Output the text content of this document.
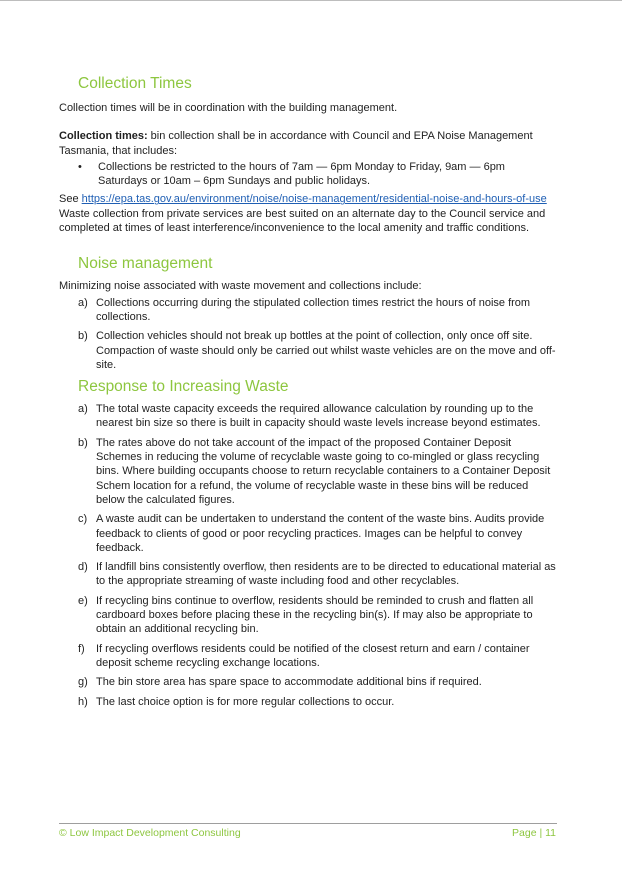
Collection Times

Collection times will be in coordination with the building management.

Collection times: bin collection shall be in accordance with Council and EPA Noise Management Tasmania, that includes:

• Collections be restricted to the hours of 7am — 6pm Monday to Friday, 9am — 6pm Saturdays or 10am – 6pm Sundays and public holidays.

See https://epa.tas.gov.au/environment/noise/noise-management/residential-noise-and-hours-of-use

Waste collection from private services are best suited on an alternate day to the Council service and completed at times of least interference/inconvenience to the local amenity and traffic conditions.

Noise management

Minimizing noise associated with waste movement and collections include:

a) Collections occurring during the stipulated collection times restrict the hours of noise from collections.
b) Collection vehicles should not break up bottles at the point of collection, only once off site. Compaction of waste should only be carried out whilst waste vehicles are on the move and off-site.
Response to Increasing Waste
a) The total waste capacity exceeds the required allowance calculation by rounding up to the nearest bin size so there is built in capacity should waste levels increase beyond estimates.
b) The rates above do not take account of the impact of the proposed Container Deposit Schemes in reducing the volume of recyclable waste going to co-mingled or glass recycling bins. Where building occupants choose to return recyclable containers to a Container Deposit Schem location for a refund, the volume of recyclable waste in these bins will be reduced below the calculated figures.
c) A waste audit can be undertaken to understand the content of the waste bins. Audits provide feedback to clients of good or poor recycling practices. Images can be helpful to convey feedback.
d) If landfill bins consistently overflow, then residents are to be directed to educational material as to the appropriate streaming of waste including food and other recyclables.
e) If recycling bins continue to overflow, residents should be reminded to crush and flatten all cardboard boxes before placing these in the recycling bin(s). If may also be appropriate to obtain an additional recycling bin.
f) If recycling overflows residents could be notified of the closest return and earn / container deposit scheme recycling exchange locations.
g) The bin store area has spare space to accommodate additional bins if required.
h) The last choice option is for more regular collections to occur.
© Low Impact Development Consulting	Page | 11
